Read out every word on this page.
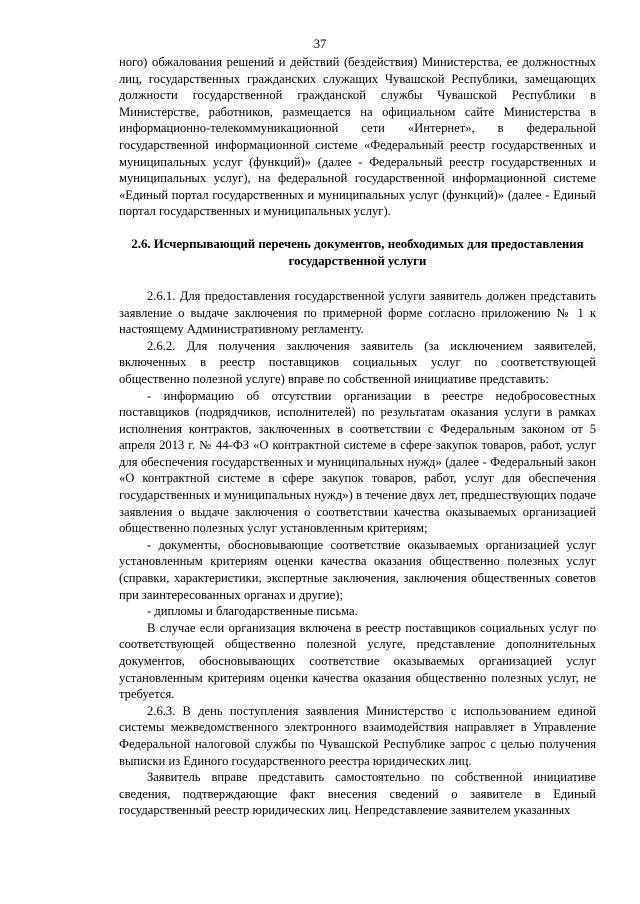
37

ного) обжалования решений и действий (бездействия) Министерства, ее должностных лиц, государственных гражданских служащих Чувашской Республики, замещающих должности государственной гражданской службы Чувашской Республики в Министерстве, работников, размещается на официальном сайте Министерства в информационно-телекоммуникационной сети «Интернет», в федеральной государственной информационной системе «Федеральный реестр государственных и муниципальных услуг (функций)» (далее - Федеральный реестр государственных и муниципальных услуг), на федеральной государственной информационной системе «Единый портал государственных и муниципальных услуг (функций)» (далее - Единый портал государственных и муниципальных услуг).

2.6. Исчерпывающий перечень документов, необходимых для предоставления государственной услуги

2.6.1. Для предоставления государственной услуги заявитель должен представить заявление о выдаче заключения по примерной форме согласно приложению № 1 к настоящему Административному регламенту.

2.6.2. Для получения заключения заявитель (за исключением заявителей, включенных в реестр поставщиков социальных услуг по соответствующей общественно полезной услуге) вправе по собственной инициативе представить:

- информацию об отсутствии организации в реестре недобросовестных поставщиков (подрядчиков, исполнителей) по результатам оказания услуги в рамках исполнения контрактов, заключенных в соответствии с Федеральным законом от 5 апреля 2013 г. № 44-ФЗ «О контрактной системе в сфере закупок товаров, работ, услуг для обеспечения государственных и муниципальных нужд» (далее - Федеральный закон «О контрактной системе в сфере закупок товаров, работ, услуг для обеспечения государственных и муниципальных нужд») в течение двух лет, предшествующих подаче заявления о выдаче заключения о соответствии качества оказываемых организацией общественно полезных услуг установленным критериям;

- документы, обосновывающие соответствие оказываемых организацией услуг установленным критериям оценки качества оказания общественно полезных услуг (справки, характеристики, экспертные заключения, заключения общественных советов при заинтересованных органах и другие);

- дипломы и благодарственные письма.

В случае если организация включена в реестр поставщиков социальных услуг по соответствующей общественно полезной услуге, представление дополнительных документов, обосновывающих соответствие оказываемых организацией услуг установленным критериям оценки качества оказания общественно полезных услуг, не требуется.

2.6.3. В день поступления заявления Министерство с использованием единой системы межведомственного электронного взаимодействия направляет в Управление Федеральной налоговой службы по Чувашской Республике запрос с целью получения выписки из Единого государственного реестра юридических лиц.

Заявитель вправе представить самостоятельно по собственной инициативе сведения, подтверждающие факт внесения сведений о заявителе в Единый государственный реестр юридических лиц. Непредставление заявителем указанных
